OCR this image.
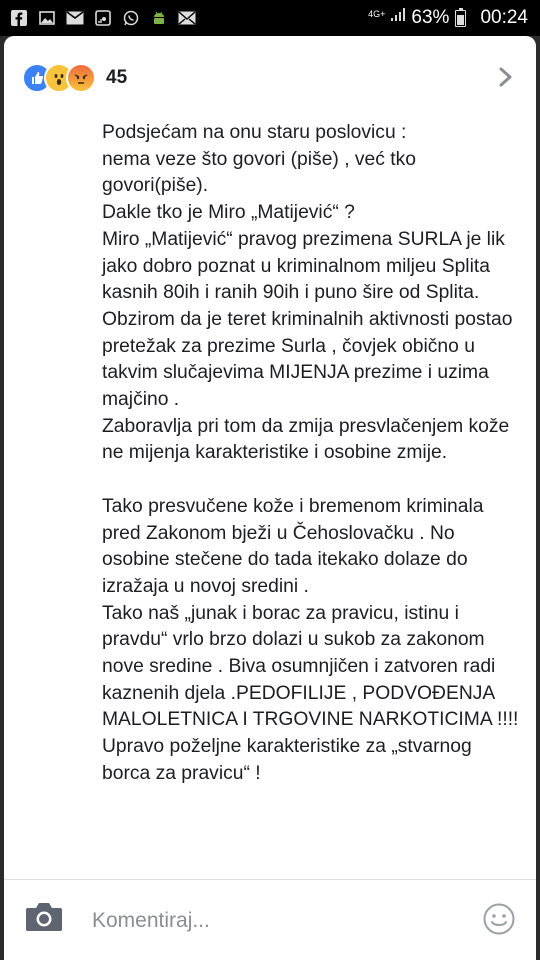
4G+ 63% 00:24
45

Podsjećam na onu staru poslovicu :
nema veze što govori (piše) , već tko govori(piše).
Dakle tko je Miro „Matijević“ ?
Miro „Matijević“ pravog prezimena SURLA je lik jako dobro poznat u kriminalnom miljeu Splita kasnih 80ih i ranih 90ih i puno šire od Splita.
Obzirom da je teret kriminalnih aktivnosti postao pretežak za prezime Surla , čovjek obično u takvim slučajevima MIJENJA prezime i uzima majčino .
Zaboravlja pri tom da zmija presvlačenjem kože ne mijenja karakteristike i osobine zmije.

Tako presvučene kože i bremenom kriminala pred Zakonom bježi u Čehoslovačku . No osobine stečene do tada itekako dolaze do izražaja u novoj sredini .
Tako naš „junak i borac za pravicu, istinu i pravdu“ vrlo brzo dolazi u sukob za zakonom nove sredine . Biva osumnjičen i zatvoren radi kaznenih djela .PEDOFILIJE , PODVOĐENJA MALOLETNICA I TRGOVINE NARKOTICIMA !!!!
Upravo poželjne karakteristike za „stvarnog borca za pravicu“ !

Komentiraj...
